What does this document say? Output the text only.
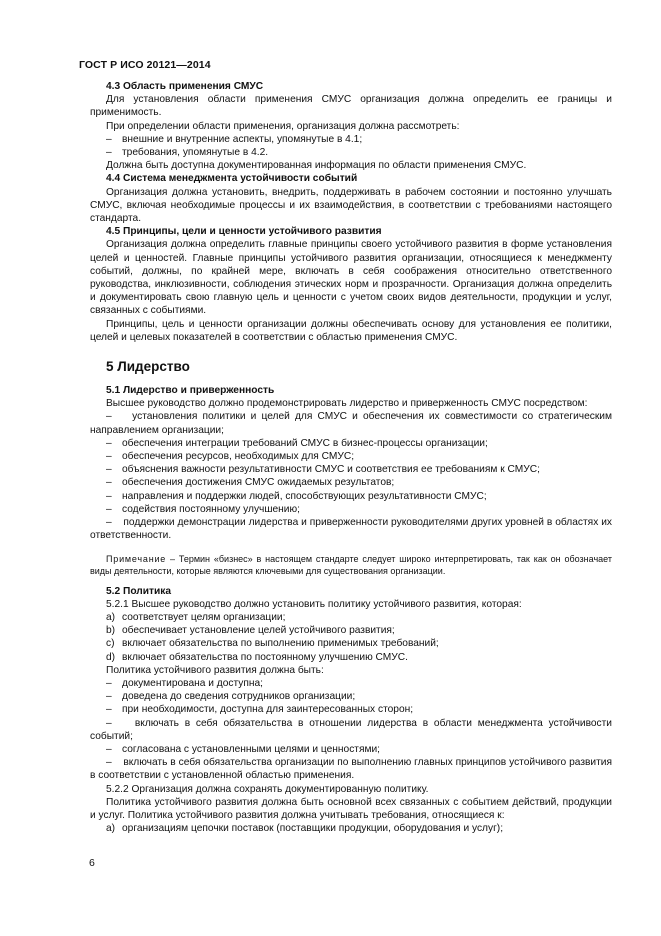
ГОСТ Р ИСО 20121—2014
4.3 Область применения СМУС

Для установления области применения СМУС организация должна определить ее границы и применимость.

При определении области применения, организация должна рассмотреть:

– внешние и внутренние аспекты, упомянутые в 4.1;

– требования, упомянутые в 4.2.

Должна быть доступна документированная информация по области применения СМУС.

4.4 Система менеджмента устойчивости событий

Организация должна установить, внедрить, поддерживать в рабочем состоянии и постоянно улучшать СМУС, включая необходимые процессы и их взаимодействия, в соответствии с требованиями настоящего стандарта.

4.5 Принципы, цели и ценности устойчивого развития

Организация должна определить главные принципы своего устойчивого развития в форме установления целей и ценностей. Главные принципы устойчивого развития организации, относящиеся к менеджменту событий, должны, по крайней мере, включать в себя соображения относительно ответственного руководства, инклюзивности, соблюдения этических норм и прозрачности. Организация должна определить и документировать свою главную цель и ценности с учетом своих видов деятельности, продукции и услуг, связанных с событиями.

Принципы, цель и ценности организации должны обеспечивать основу для установления ее политики, целей и целевых показателей в соответствии с областью применения СМУС.

5 Лидерство
5.1 Лидерство и приверженность

Высшее руководство должно продемонстрировать лидерство и приверженность СМУС посредством:

–    установления политики и целей для СМУС и обеспечения их совместимости со стратегическим направлением организации;

– обеспечения интеграции требований СМУС в бизнес-процессы организации;

– обеспечения ресурсов, необходимых для СМУС;

– объяснения важности результативности СМУС и соответствия ее требованиям к СМУС;

– обеспечения достижения СМУС ожидаемых результатов;

– направления и поддержки людей, способствующих результативности СМУС;

– содействия постоянному улучшению;

–    поддержки демонстрации лидерства и приверженности руководителями других уровней в областях их ответственности.

Примечание – Термин «бизнес» в настоящем стандарте следует широко интерпретировать, так как он обозначает виды деятельности, которые являются ключевыми для существования организации.

5.2 Политика

5.2.1 Высшее руководство должно установить политику устойчивого развития, которая:

a) соответствует целям организации;

b) обеспечивает установление целей устойчивого развития;

c) включает обязательства по выполнению применимых требований;

d) включает обязательства по постоянному улучшению СМУС.

Политика устойчивого развития должна быть:

– документирована и доступна;

– доведена до сведения сотрудников организации;

– при необходимости, доступна для заинтересованных сторон;

–    включать в себя обязательства в отношении лидерства в области менеджмента устойчивости событий;

– согласована с установленными целями и ценностями;

–    включать в себя обязательства организации по выполнению главных принципов устойчивого развития в соответствии с установленной областью применения.

5.2.2 Организация должна сохранять документированную политику.

Политика устойчивого развития должна быть основной всех связанных с событием действий, продукции и услуг. Политика устойчивого развития должна учитывать требования, относящиеся к:

a) организациям цепочки поставок (поставщики продукции, оборудования и услуг);

6
